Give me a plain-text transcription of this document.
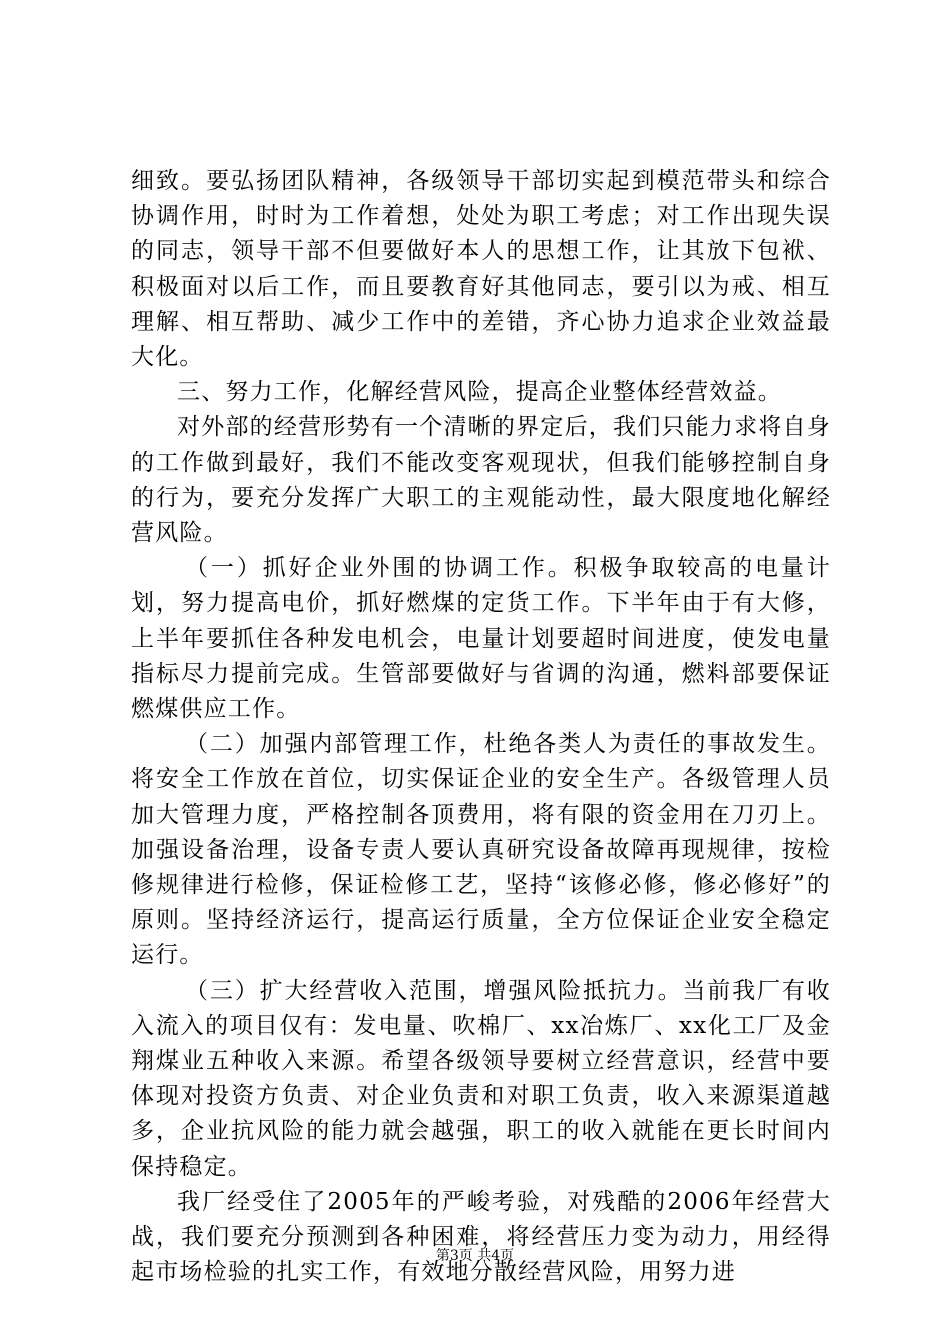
细致。要弘扬团队精神，各级领导干部切实起到模范带头和综合协调作用，时时为工作着想，处处为职工考虑；对工作出现失误的同志，领导干部不但要做好本人的思想工作，让其放下包袱、积极面对以后工作，而且要教育好其他同志，要引以为戒、相互理解、相互帮助、减少工作中的差错，齐心协力追求企业效益最大化。

三、努力工作，化解经营风险，提高企业整体经营效益。

对外部的经营形势有一个清晰的界定后，我们只能力求将自身的工作做到最好，我们不能改变客观现状，但我们能够控制自身的行为，要充分发挥广大职工的主观能动性，最大限度地化解经营风险。

（一）抓好企业外围的协调工作。积极争取较高的电量计划，努力提高电价，抓好燃煤的定货工作。下半年由于有大修，上半年要抓住各种发电机会，电量计划要超时间进度，使发电量指标尽力提前完成。生管部要做好与省调的沟通，燃料部要保证燃煤供应工作。

（二）加强内部管理工作，杜绝各类人为责任的事故发生。将安全工作放在首位，切实保证企业的安全生产。各级管理人员加大管理力度，严格控制各顶费用，将有限的资金用在刀刃上。加强设备治理，设备专责人要认真研究设备故障再现规律，按检修规律进行检修，保证检修工艺，坚持“该修必修，修必修好”的原则。坚持经济运行，提高运行质量，全方位保证企业安全稳定运行。

（三）扩大经营收入范围，增强风险抵抗力。当前我厂有收入流入的项目仅有：发电量、吹棉厂、xx冶炼厂、xx化工厂及金翔煤业五种收入来源。希望各级领导要树立经营意识，经营中要体现对投资方负责、对企业负责和对职工负责，收入来源渠道越多，企业抗风险的能力就会越强，职工的收入就能在更长时间内保持稳定。

我厂经受住了2005年的严峻考验，对残酷的2006年经营大战，我们要充分预测到各种困难，将经营压力变为动力，用经得起市场检验的扎实工作，有效地分散经营风险，用努力进

第3页 共4页
